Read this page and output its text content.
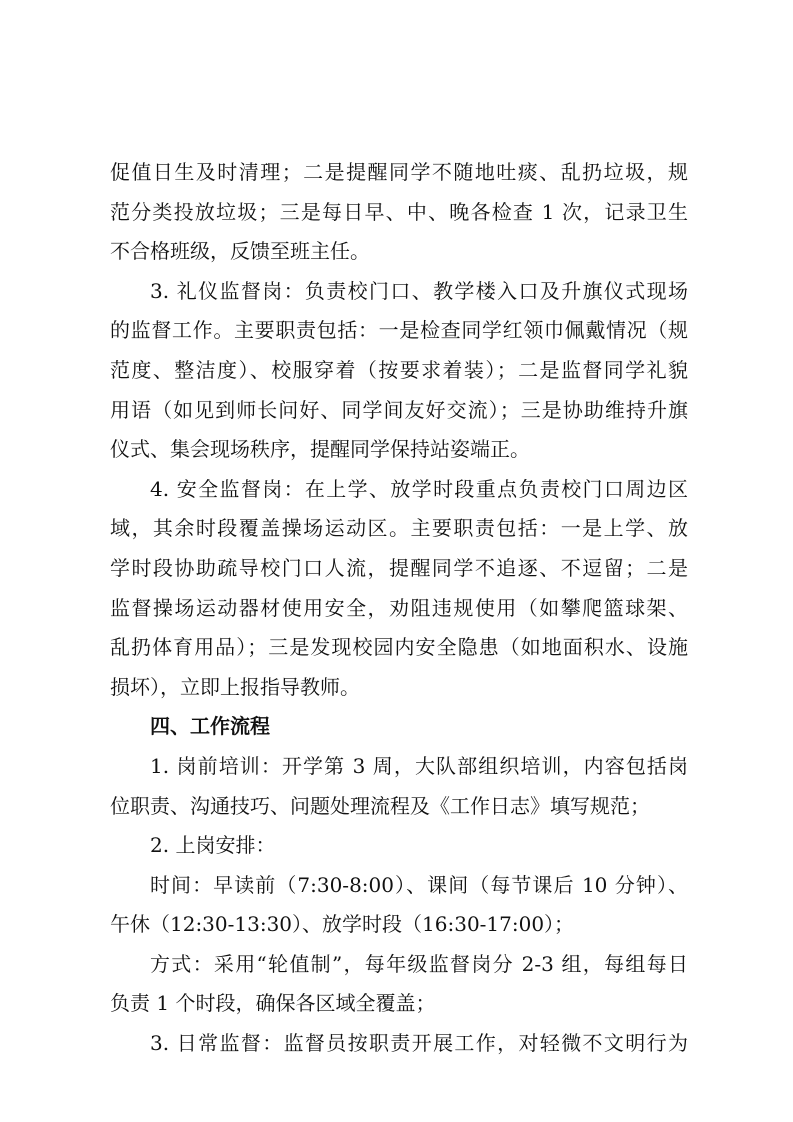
促值日生及时清理；二是提醒同学不随地吐痰、乱扔垃圾，规
范分类投放垃圾；三是每日早、中、晚各检查 1 次，记录卫生
不合格班级，反馈至班主任。
3. 礼仪监督岗：负责校门口、教学楼入口及升旗仪式现场
的监督工作。主要职责包括：一是检查同学红领巾佩戴情况（规
范度、整洁度）、校服穿着（按要求着装）；二是监督同学礼貌
用语（如见到师长问好、同学间友好交流）；三是协助维持升旗
仪式、集会现场秩序，提醒同学保持站姿端正。
4. 安全监督岗：在上学、放学时段重点负责校门口周边区
域，其余时段覆盖操场运动区。主要职责包括：一是上学、放
学时段协助疏导校门口人流，提醒同学不追逐、不逗留；二是
监督操场运动器材使用安全，劝阻违规使用（如攀爬篮球架、
乱扔体育用品）；三是发现校园内安全隐患（如地面积水、设施
损坏），立即上报指导教师。
四、工作流程
1. 岗前培训：开学第 3 周，大队部组织培训，内容包括岗
位职责、沟通技巧、问题处理流程及《工作日志》填写规范；
2. 上岗安排：
时间：早读前（7:30-8:00）、课间（每节课后 10 分钟）、
午休（12:30-13:30）、放学时段（16:30-17:00）；
方式：采用“轮值制”，每年级监督岗分 2-3 组，每组每日
负责 1 个时段，确保各区域全覆盖；
3. 日常监督：监督员按职责开展工作，对轻微不文明行为
